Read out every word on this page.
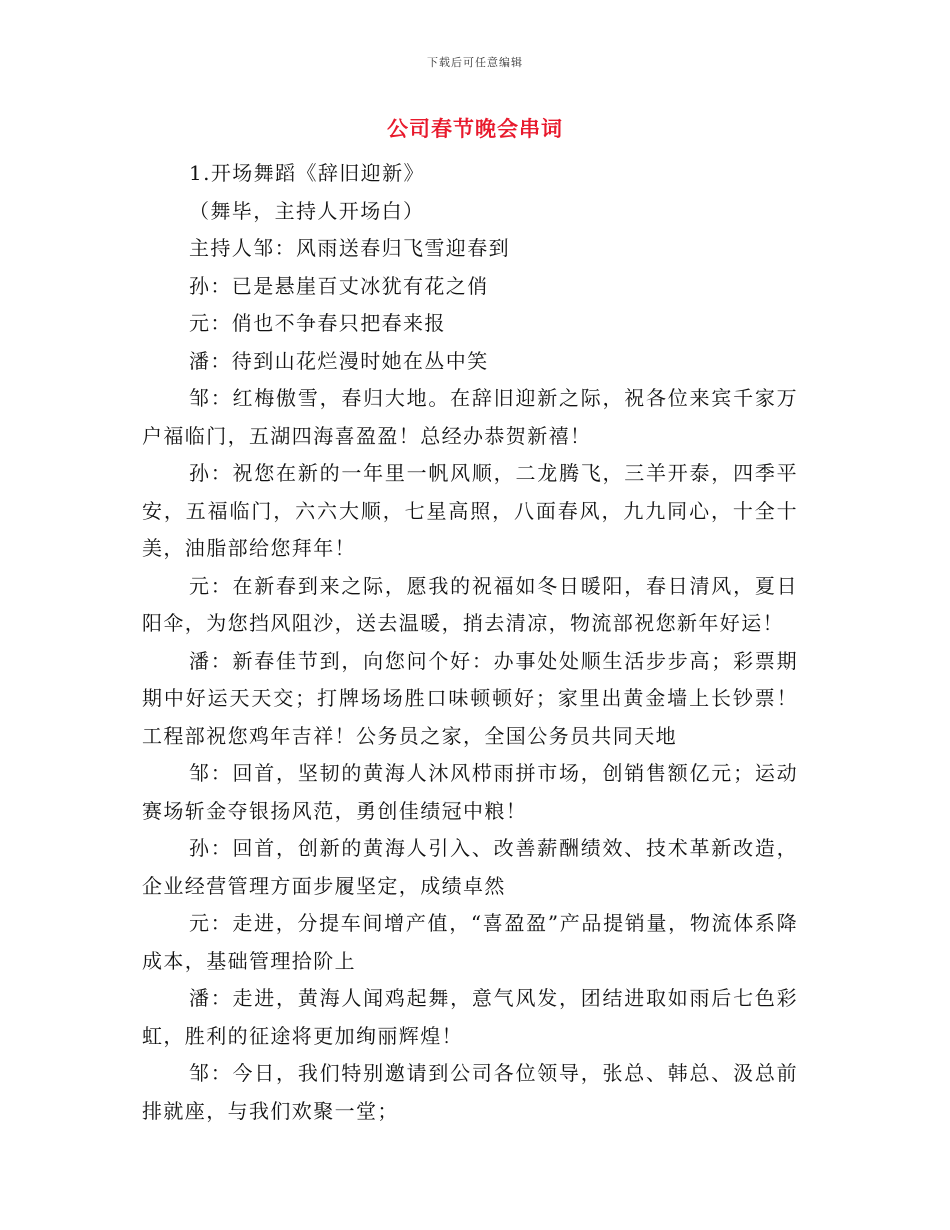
下载后可任意编辑
公司春节晚会串词

1.开场舞蹈《辞旧迎新》

（舞毕，主持人开场白）

主持人邹：风雨送春归飞雪迎春到

孙：已是悬崖百丈冰犹有花之俏

元：俏也不争春只把春来报

潘：待到山花烂漫时她在丛中笑

邹：红梅傲雪，春归大地。在辞旧迎新之际，祝各位来宾千家万户福临门，五湖四海喜盈盈！总经办恭贺新禧！

孙：祝您在新的一年里一帆风顺，二龙腾飞，三羊开泰，四季平安，五福临门，六六大顺，七星高照，八面春风，九九同心，十全十美，油脂部给您拜年！

元：在新春到来之际，愿我的祝福如冬日暖阳，春日清风，夏日阳伞，为您挡风阻沙，送去温暖，捎去清凉，物流部祝您新年好运！

潘：新春佳节到，向您问个好：办事处处顺生活步步高；彩票期期中好运天天交；打牌场场胜口味顿顿好；家里出黄金墙上长钞票！工程部祝您鸡年吉祥！公务员之家，全国公务员共同天地

邹：回首，坚韧的黄海人沐风栉雨拼市场，创销售额亿元；运动赛场斩金夺银扬风范，勇创佳绩冠中粮！

孙：回首，创新的黄海人引入、改善薪酬绩效、技术革新改造，企业经营管理方面步履坚定，成绩卓然

元：走进，分提车间增产值，“喜盈盈”产品提销量，物流体系降成本，基础管理拾阶上

潘：走进，黄海人闻鸡起舞，意气风发，团结进取如雨后七色彩虹，胜利的征途将更加绚丽辉煌！

邹：今日，我们特别邀请到公司各位领导，张总、韩总、汲总前排就座，与我们欢聚一堂；
